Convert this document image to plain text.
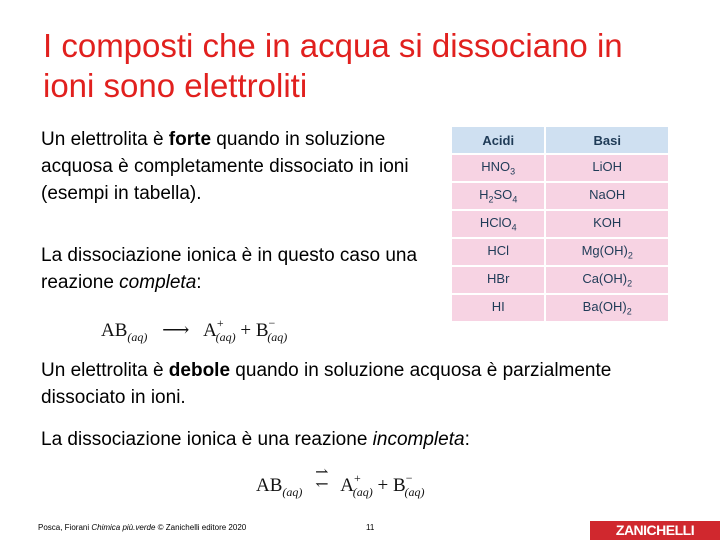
I composti che in acqua si dissociano in ioni sono elettroliti

Un elettrolita è forte quando in soluzione acquosa è completamente dissociato in ioni (esempi in tabella).

La dissociazione ionica è in questo caso una reazione completa:

$AB_{(aq)}$ ⟶ $A^+_{(aq)} + B^-_{(aq)}$

Un elettrolita è debole quando in soluzione acquosa è parzialmente dissociato in ioni.

La dissociazione ionica è una reazione incompleta:

$AB_{(aq)}$
⇀
↽ $A^+_{(aq)} + B^-_{(aq)}$
Acidi	Basi
$HNO_3$	LiOH
$H_2SO_4$	NaOH
HClO$_4$	KOH
HCl	$Mg(OH)_2$
HBr	$Ca(OH)_2$
HI	$Ba(OH)_2$
Posca, Fiorani Chimica più.verde © Zanichelli editore 2020	11	ZANICHELLI
